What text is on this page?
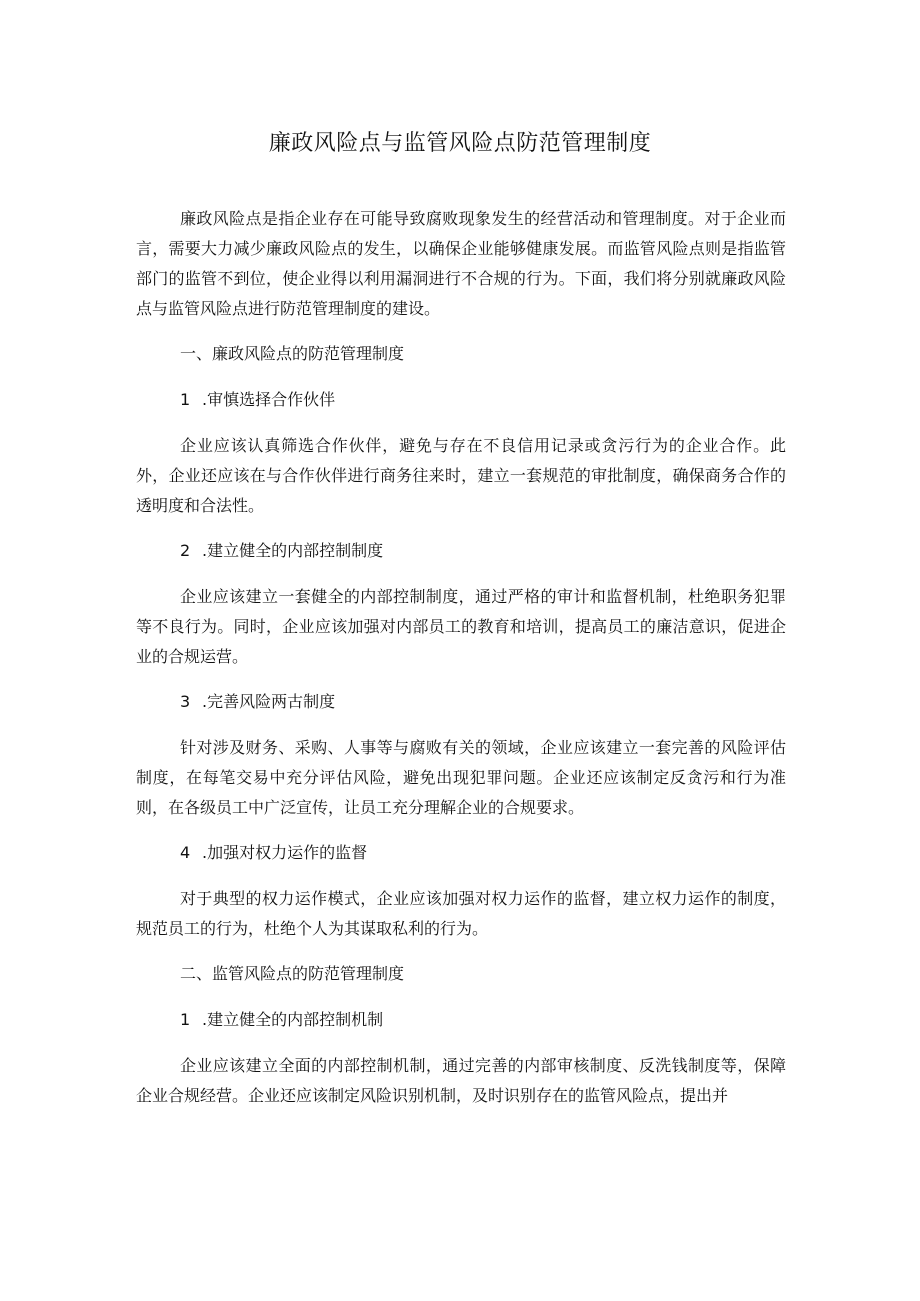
廉政风险点与监管风险点防范管理制度

廉政风险点是指企业存在可能导致腐败现象发生的经营活动和管理制度。对于企业而言，需要大力减少廉政风险点的发生，以确保企业能够健康发展。而监管风险点则是指监管部门的监管不到位，使企业得以利用漏洞进行不合规的行为。下面，我们将分别就廉政风险点与监管风险点进行防范管理制度的建设。

一、廉政风险点的防范管理制度

1 .审慎选择合作伙伴

企业应该认真筛选合作伙伴，避免与存在不良信用记录或贪污行为的企业合作。此外，企业还应该在与合作伙伴进行商务往来时，建立一套规范的审批制度，确保商务合作的透明度和合法性。

2 .建立健全的内部控制制度

企业应该建立一套健全的内部控制制度，通过严格的审计和监督机制，杜绝职务犯罪等不良行为。同时，企业应该加强对内部员工的教育和培训，提高员工的廉洁意识，促进企业的合规运营。

3 .完善风险两古制度

针对涉及财务、采购、人事等与腐败有关的领域，企业应该建立一套完善的风险评估制度，在每笔交易中充分评估风险，避免出现犯罪问题。企业还应该制定反贪污和行为准则，在各级员工中广泛宣传，让员工充分理解企业的合规要求。

4 .加强对权力运作的监督

对于典型的权力运作模式，企业应该加强对权力运作的监督，建立权力运作的制度，规范员工的行为，杜绝个人为其谋取私利的行为。

二、监管风险点的防范管理制度

1 .建立健全的内部控制机制

企业应该建立全面的内部控制机制，通过完善的内部审核制度、反洗钱制度等，保障企业合规经营。企业还应该制定风险识别机制，及时识别存在的监管风险点，提出并
